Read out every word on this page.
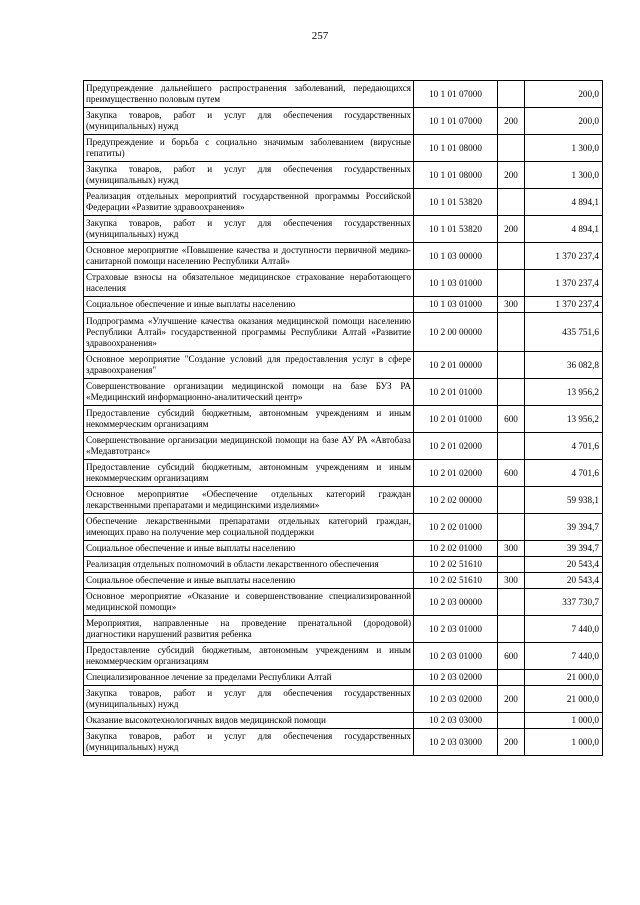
257
Предупреждение дальнейшего распространения заболеваний, передающихся преимущественно половым путем	10 1 01 07000		200,0
Закупка товаров, работ и услуг для обеспечения государственных (муниципальных) нужд	10 1 01 07000	200	200,0
Предупреждение и борьба с социально значимым заболеванием (вирусные гепатиты)	10 1 01 08000		1 300,0
Закупка товаров, работ и услуг для обеспечения государственных (муниципальных) нужд	10 1 01 08000	200	1 300,0
Реализация отдельных мероприятий государственной программы Российской Федерации «Развитие здравоохранения»	10 1 01 53820		4 894,1
Закупка товаров, работ и услуг для обеспечения государственных (муниципальных) нужд	10 1 01 53820	200	4 894,1
Основное мероприятие «Повышение качества и доступности первичной медико-санитарной помощи населению Республики Алтай»	10 1 03 00000		1 370 237,4
Страховые взносы на обязательное медицинское страхование неработающего населения	10 1 03 01000		1 370 237,4
Социальное обеспечение и иные выплаты населению	10 1 03 01000	300	1 370 237,4
Подпрограмма «Улучшение качества оказания медицинской помощи населению Республики Алтай» государственной программы Республики Алтай «Развитие здравоохранения»	10 2 00 00000		435 751,6
Основное мероприятие "Создание условий для предоставления услуг в сфере здравоохранения"	10 2 01 00000		36 082,8
Совершенствование организации медицинской помощи на базе БУЗ РА «Медицинский информационно-аналитический центр»	10 2 01 01000		13 956,2
Предоставление субсидий бюджетным, автономным учреждениям и иным некоммерческим организациям	10 2 01 01000	600	13 956,2
Совершенствование организации медицинской помощи на базе АУ РА «Автобаза «Медавтотранс»	10 2 01 02000		4 701,6
Предоставление субсидий бюджетным, автономным учреждениям и иным некоммерческим организациям	10 2 01 02000	600	4 701,6
Основное мероприятие «Обеспечение отдельных категорий граждан лекарственными препаратами и медицинскими изделиями»	10 2 02 00000		59 938,1
Обеспечение лекарственными препаратами отдельных категорий граждан, имеющих право на получение мер социальной поддержки	10 2 02 01000		39 394,7
Социальное обеспечение и иные выплаты населению	10 2 02 01000	300	39 394,7
Реализация отдельных полномочий в области лекарственного обеспечения	10 2 02 51610		20 543,4
Социальное обеспечение и иные выплаты населению	10 2 02 51610	300	20 543,4
Основное мероприятие «Оказание и совершенствование специализированной медицинской помощи»	10 2 03 00000		337 730,7
Мероприятия, направленные на проведение пренатальной (дородовой) диагностики нарушений развития ребенка	10 2 03 01000		7 440,0
Предоставление субсидий бюджетным, автономным учреждениям и иным некоммерческим организациям	10 2 03 01000	600	7 440,0
Специализированное лечение за пределами Республики Алтай	10 2 03 02000		21 000,0
Закупка товаров, работ и услуг для обеспечения государственных (муниципальных) нужд	10 2 03 02000	200	21 000,0
Оказание высокотехнологичных видов медицинской помощи	10 2 03 03000		1 000,0
Закупка товаров, работ и услуг для обеспечения государственных (муниципальных) нужд	10 2 03 03000	200	1 000,0
